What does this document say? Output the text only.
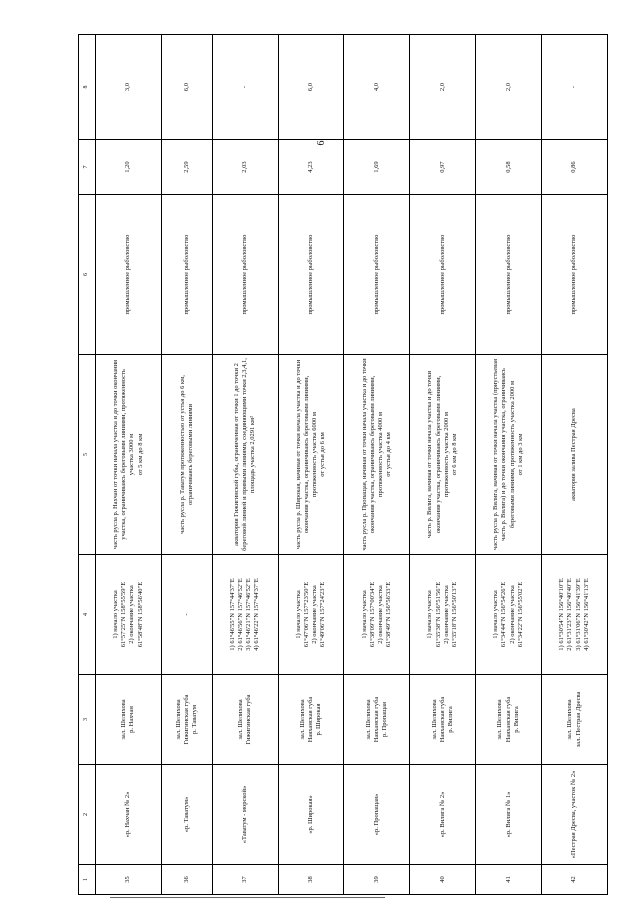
6
1	2	3	4	5	6	7	8
35	«р. Нахчан № 2»	зал. Шелихова
р. Нахчан	1) начало участка
61°57'25"N 158°55'59"E
2) окончание участка
61°58'48"N 158°56'40"E	часть русла р. Нахчан от точки начала участка и до точки окончания участка, ограничиваясь береговыми линиями, протяженность участка 3000 м
от 5 км до 8 км	промышленное рыболовство	1,20	3,0
36	«р. Таватум»	зал. Шелихова
Гижигинская губа
р. Таватум	-	часть русла р. Таватум протяженностью от устья до 6 км, ограничиваясь береговыми линиями	промышленное рыболовство	2,59	6,0
37	«Таватум - морской»	зал. Шелихова
Гижигинская губа	1) 61°46'55"N 157°44'37"E
2) 61°46'56"N 157°46'52"E
3) 61°46'21"N 157°46'52"E
4) 61°46'22"N 157°44'37"E	акватория Гижигинской губы, ограниченная от точки 1 до точки 2 береговой линией и прямыми линиями, соединяющими точки 2,3,4,1, площадь участка 2,0291 км²	промышленное рыболовство	2,03	-
38	«р. Широкая»	зал. Шелихова
Наяханская губа
р. Широкая	1) начало участка
61°47'06"N 157°23'50"E
2) окончание участка
61°49'06"N 157°24'23"E	часть русла р. Широкая, начиная от точки начала участка и до точки окончания участка, ограничиваясь береговыми линиями, протяженность участка 6000 м
от устья до 6 км	промышленное рыболовство	4,23	6,0
39	«р. Пропащая»	зал. Шелихова
Наяханская губа
р. Пропащая	1) начало участка
61°38'09"N 157°00'34"E
2) окончание участка
61°38'49"N 156°56'33"E	часть русла р. Пропащая, начиная от точки начала участка и до точки окончания участка, ограничиваясь береговыми линиями, протяженность участка 4000 м
от устья до 4 км	промышленное рыболовство	1,69	4,0
40	«р. Вилига № 2»	зал. Шелихова
Наяханская губа
р. Вилига	1) начало участка
61°35'38"N 156°51'56"E
2) окончание участка
61°35'18"N 156°50'13"E	часть р. Вилига, начиная от точки начала участка и до точки окончания участка, ограничиваясь береговыми линиями, протяженность участка 2000 м
от 6 км до 8 км	промышленное рыболовство	0,97	2,0
41	«р. Вилига № 1»	зал. Шелихова
Наяханская губа
р. Вилига	1) начало участка
61°34'44"N 156°54'26"E
2) окончание участка
61°34'22"N 156°55'02"E	часть русла р. Вилига, начиная от точки начала участка (приустьевая часть р. Вилига) и до точки окончания участка, ограничиваясь береговыми линиями, протяженность участка 2000 м
от 1 км до 3 км	промышленное рыболовство	0,58	2,0
42	«Пестрая Дресва, участок № 2»	зал. Шелихова
зал. Пестрая Дресва	1) 61°30'54"N 156°40'10"E
2) 61°31'23"N 156°40'40"E
3) 61°31'06"N 156°41'39"E
4) 61°30'42"N 156°41'13"E	акватория залива Пестрая Дресва	промышленное рыболовство	0,86	-
